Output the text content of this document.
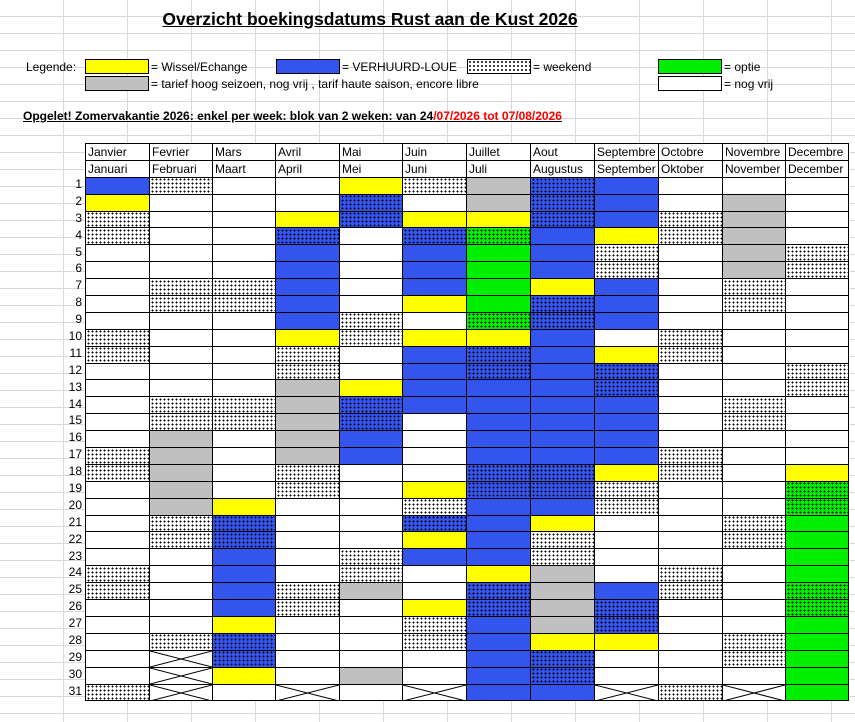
Overzicht boekingsdatums Rust aan de Kust 2026
Legende:	= Wissel/Echange	= VERHUURD-LOUE	= weekend	= optie
= tarief hoog seizoen, nog vrij , tarif haute saison, encore libre	= nog vrij
Opgelet! Zomervakantie 2026: enkel per week: blok van 2 weken: van 24/07/2026 tot 07/08/2026
1
2
3
4
5
6
7
8
9
10
11
12
13
14
15
16
17
18
19
20
21
22
23
24
25
26
27
28
29
30
31
Janvier	Fevrier	Mars	Avril	Mai	Juin	Juillet	Aout	Septembre	Octobre	Novembre	Decembre
Januari	Februari	Maart	April	Mei	Juni	Juli	Augustus	September	Oktober	November	December
